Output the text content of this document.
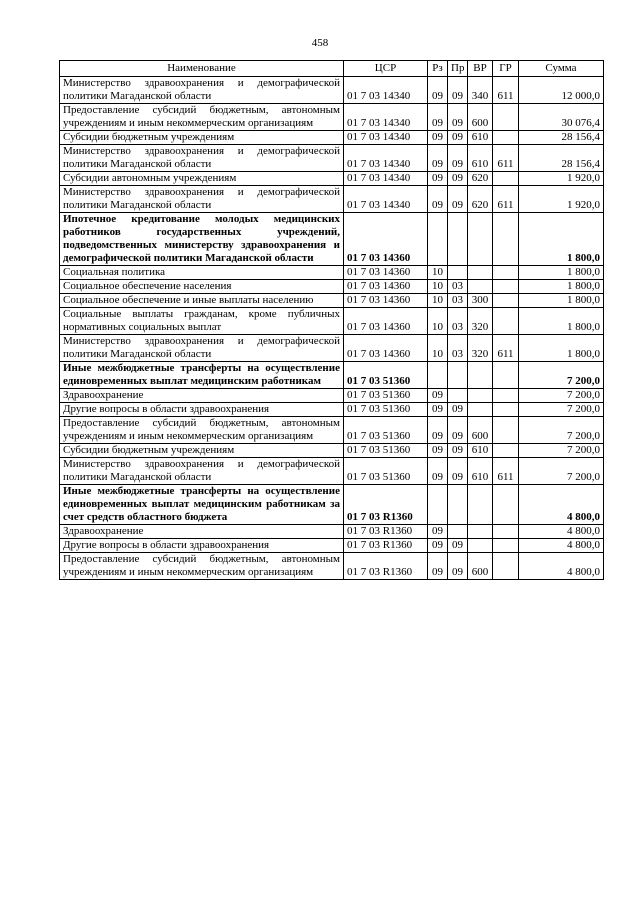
458
Наименование	ЦСР	Рз	Пр	ВР	ГР	Сумма
Министерство здравоохранения и демографической политики Магаданской области	01 7 03 14340	09	09	340	611	12 000,0
Предоставление субсидий бюджетным, автономным учреждениям и иным некоммерческим организациям	01 7 03 14340	09	09	600		30 076,4
Субсидии бюджетным учреждениям	01 7 03 14340	09	09	610		28 156,4
Министерство здравоохранения и демографической политики Магаданской области	01 7 03 14340	09	09	610	611	28 156,4
Субсидии автономным учреждениям	01 7 03 14340	09	09	620		1 920,0
Министерство здравоохранения и демографической политики Магаданской области	01 7 03 14340	09	09	620	611	1 920,0
Ипотечное кредитование молодых медицинских работников государственных учреждений, подведомственных министерству здравоохранения и демографической политики Магаданской области	01 7 03 14360					1 800,0
Социальная политика	01 7 03 14360	10				1 800,0
Социальное обеспечение населения	01 7 03 14360	10	03			1 800,0
Социальное обеспечение и иные выплаты населению	01 7 03 14360	10	03	300		1 800,0
Социальные выплаты гражданам, кроме публичных нормативных социальных выплат	01 7 03 14360	10	03	320		1 800,0
Министерство здравоохранения и демографической политики Магаданской области	01 7 03 14360	10	03	320	611	1 800,0
Иные межбюджетные трансферты на осуществление единовременных выплат медицинским работникам	01 7 03 51360					7 200,0
Здравоохранение	01 7 03 51360	09				7 200,0
Другие вопросы в области здравоохранения	01 7 03 51360	09	09			7 200,0
Предоставление субсидий бюджетным, автономным учреждениям и иным некоммерческим организациям	01 7 03 51360	09	09	600		7 200,0
Субсидии бюджетным учреждениям	01 7 03 51360	09	09	610		7 200,0
Министерство здравоохранения и демографической политики Магаданской области	01 7 03 51360	09	09	610	611	7 200,0
Иные межбюджетные трансферты на осуществление единовременных выплат медицинским работникам за счет средств областного бюджета	01 7 03 R1360					4 800,0
Здравоохранение	01 7 03 R1360	09				4 800,0
Другие вопросы в области здравоохранения	01 7 03 R1360	09	09			4 800,0
Предоставление субсидий бюджетным, автономным учреждениям и иным некоммерческим организациям	01 7 03 R1360	09	09	600		4 800,0
